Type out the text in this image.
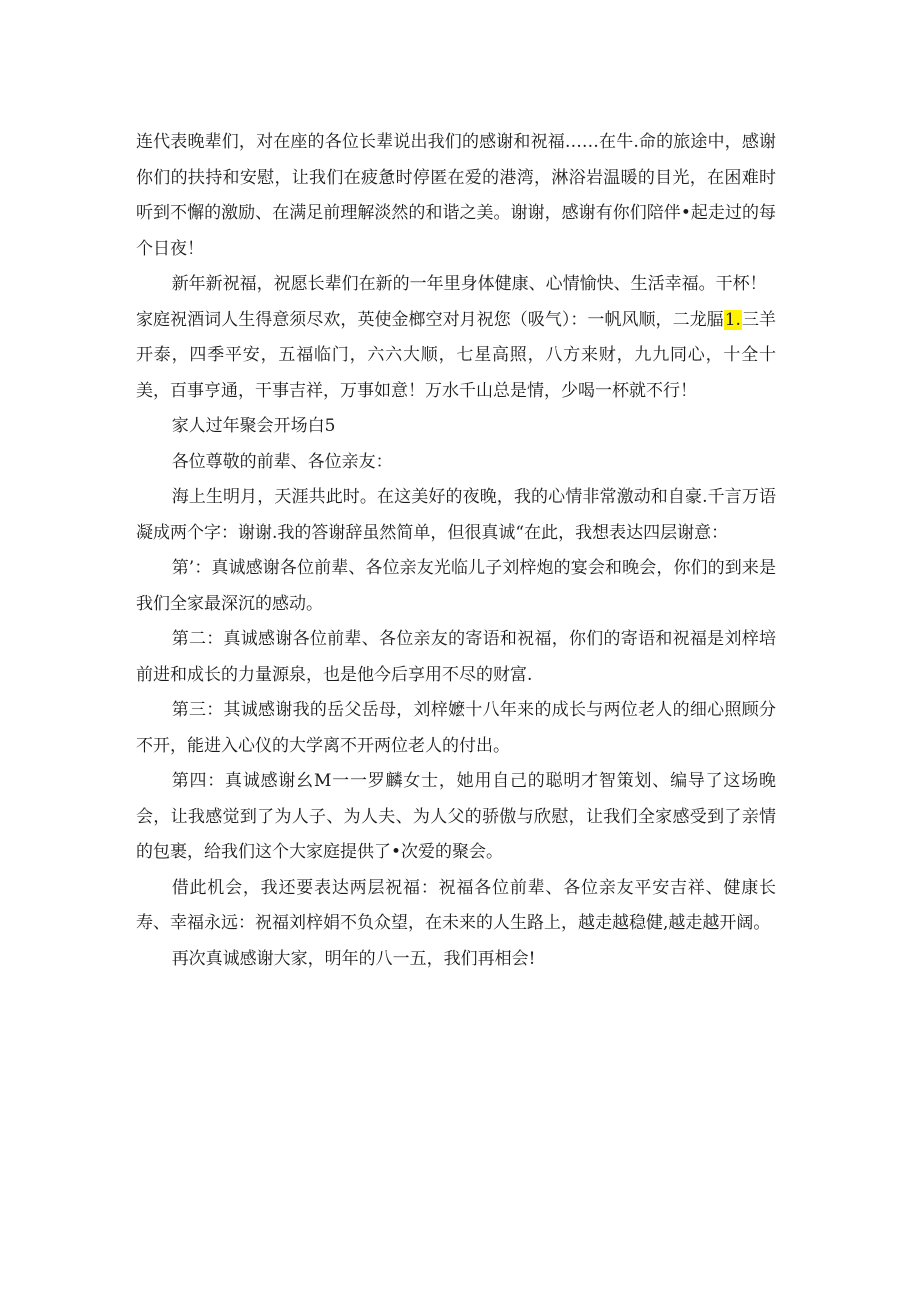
连代表晚辈们，对在座的各位长辈说出我们的感谢和祝福……在牛.命的旅途中，感谢你们的扶持和安慰，让我们在疲惫时停匿在爱的港湾，淋浴岩温暖的目光，在困难时听到不懈的激励、在满足前理解淡然的和谐之美。谢谢，感谢有你们陪伴•起走过的每个日夜！

新年新祝福，祝愿长辈们在新的一年里身体健康、心情愉快、生活幸福。干杯！

家庭祝酒词人生得意须尽欢，英使金榔空对月祝您（吸气）：一帆风顺，二龙腷1.三羊开泰，四季平安，五福临门，六六大顺，七星高照，八方来财，九九同心，十全十美，百事亨通，干事吉祥，万事如意！万水千山总是情，少喝一杯就不行！

家人过年聚会开场白5

各位尊敬的前辈、各位亲友：

海上生明月，天涯共此时。在这美好的夜晚，我的心情非常激动和自豪.千言万语凝成两个字：谢谢.我的答谢辞虽然简单，但很真诚“在此，我想表达四层谢意：

第’：真诚感谢各位前辈、各位亲友光临儿子刘梓炮的宴会和晚会，你们的到来是我们全家最深沉的感动。

第二：真诚感谢各位前辈、各位亲友的寄语和祝福，你们的寄语和祝福是刘梓培前进和成长的力量源泉，也是他今后享用不尽的财富.

第三：其诚感谢我的岳父岳母，刘梓嬷十八年来的成长与两位老人的细心照顾分不开，能进入心仪的大学离不开两位老人的付出。

第四：真诚感谢幺M一一罗麟女士，她用自己的聪明才智策划、编导了这场晚会，让我感觉到了为人子、为人夫、为人父的骄傲与欣慰，让我们全家感受到了亲情的包裹，给我们这个大家庭提供了•次爱的聚会。

借此机会，我还要表达两层祝福：祝福各位前辈、各位亲友平安吉祥、健康长寿、幸福永远：祝福刘梓娟不负众望，在未来的人生路上，越走越稳健,越走越开阔。

再次真诚感谢大家，明年的八一五，我们再相会!
